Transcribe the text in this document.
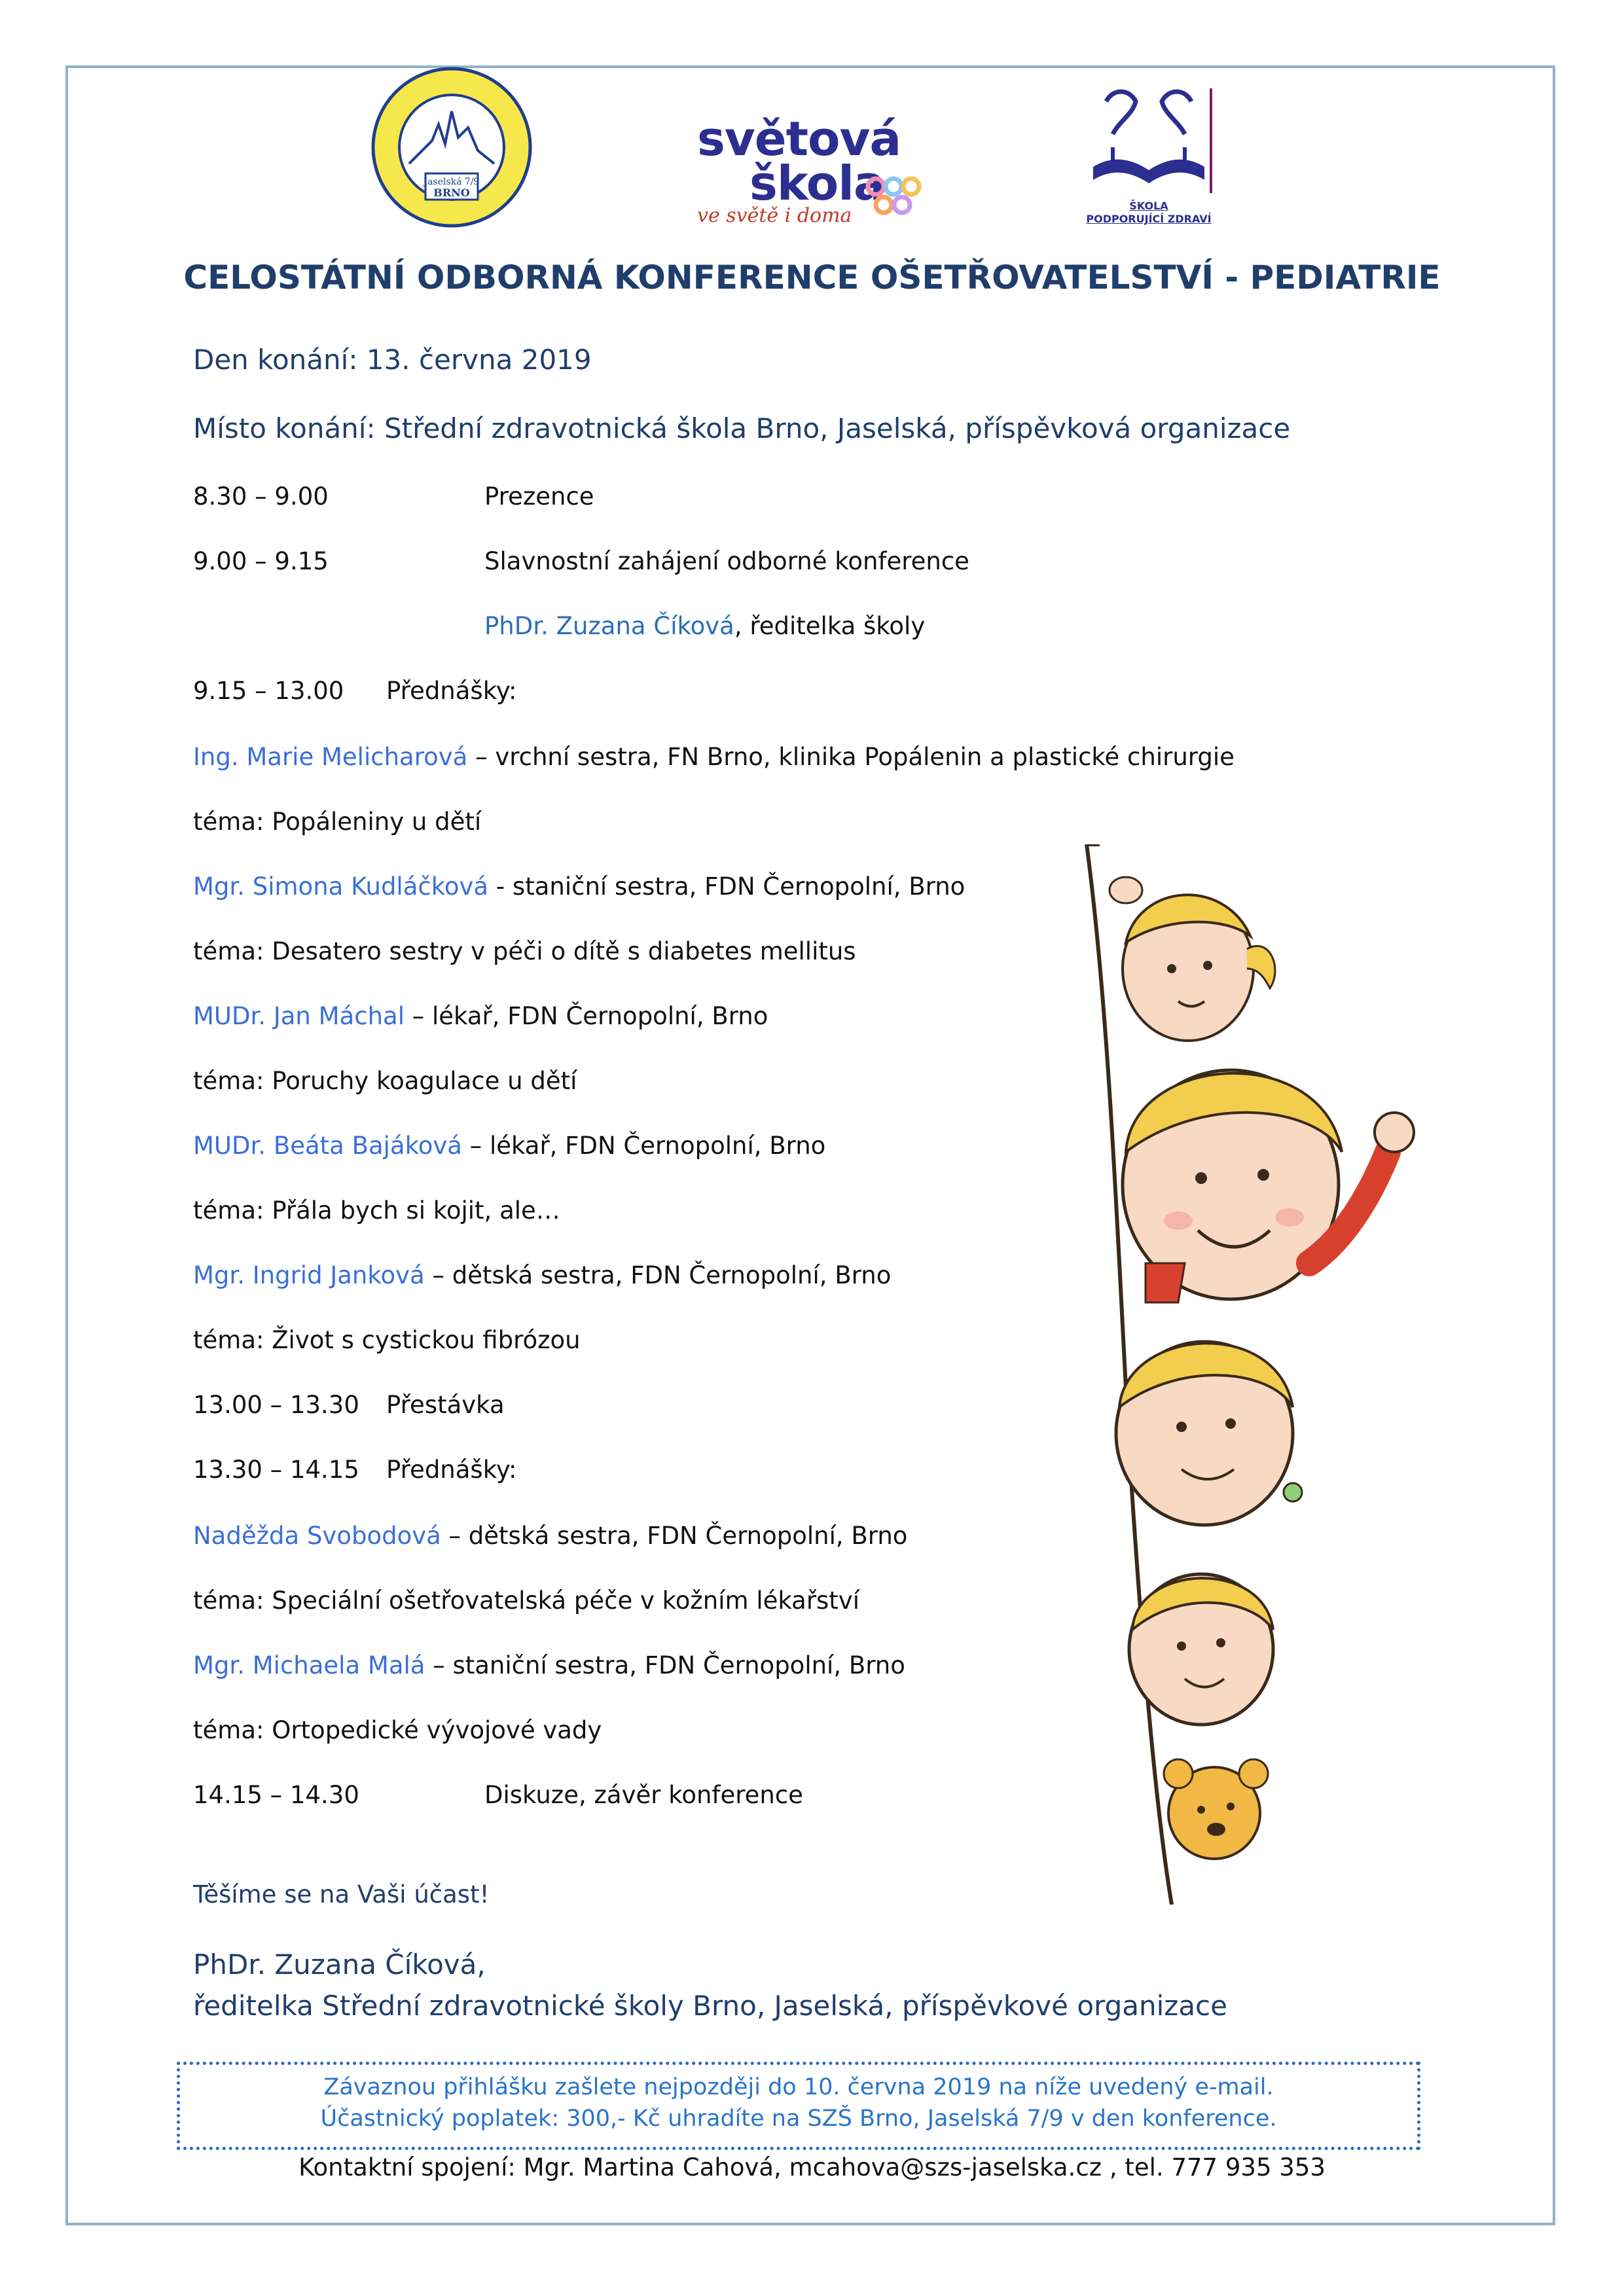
Jaselská 7/9
BRNO
světová
škola
ve světě i doma	ŠKOLA
PODPORUJÍCÍ ZDRAVÍ
CELOSTÁTNÍ ODBORNÁ KONFERENCE OŠETŘOVATELSTVÍ - PEDIATRIE
Den konání: 13. června 2019
Místo konání: Střední zdravotnická škola Brno, Jaselská, příspěvková organizace
8.30 – 9.00	Prezence
9.00 – 9.15	Slavnostní zahájení odborné konference
PhDr. Zuzana Číková, ředitelka školy
9.15 – 13.00 Přednášky:
Ing. Marie Melicharová – vrchní sestra, FN Brno, klinika Popálenin a plastické chirurgie
téma: Popáleniny u dětí
Mgr. Simona Kudláčková - staniční sestra, FDN Černopolní, Brno
téma: Desatero sestry v péči o dítě s diabetes mellitus
MUDr. Jan Máchal – lékař, FDN Černopolní, Brno
téma: Poruchy koagulace u dětí
MUDr. Beáta Bajáková – lékař, FDN Černopolní, Brno
téma: Přála bych si kojit, ale…
Mgr. Ingrid Janková – dětská sestra, FDN Černopolní, Brno
téma: Život s cystickou fibrózou
13.00 – 13.30 Přestávka
13.30 – 14.15 Přednášky:
Naděžda Svobodová – dětská sestra, FDN Černopolní, Brno
téma: Speciální ošetřovatelská péče v kožním lékařství
Mgr. Michaela Malá – staniční sestra, FDN Černopolní, Brno
téma: Ortopedické vývojové vady
14.15 – 14.30	Diskuze, závěr konference
Těšíme se na Vaši účast!
PhDr. Zuzana Číková,
ředitelka Střední zdravotnické školy Brno, Jaselská, příspěvkové organizace
Závaznou přihlášku zašlete nejpozději do 10. června 2019 na níže uvedený e-mail.
Účastnický poplatek: 300,- Kč uhradíte na SZŠ Brno, Jaselská 7/9 v den konference.
Kontaktní spojení: Mgr. Martina Cahová, mcahova@szs-jaselska.cz , tel. 777 935 353
